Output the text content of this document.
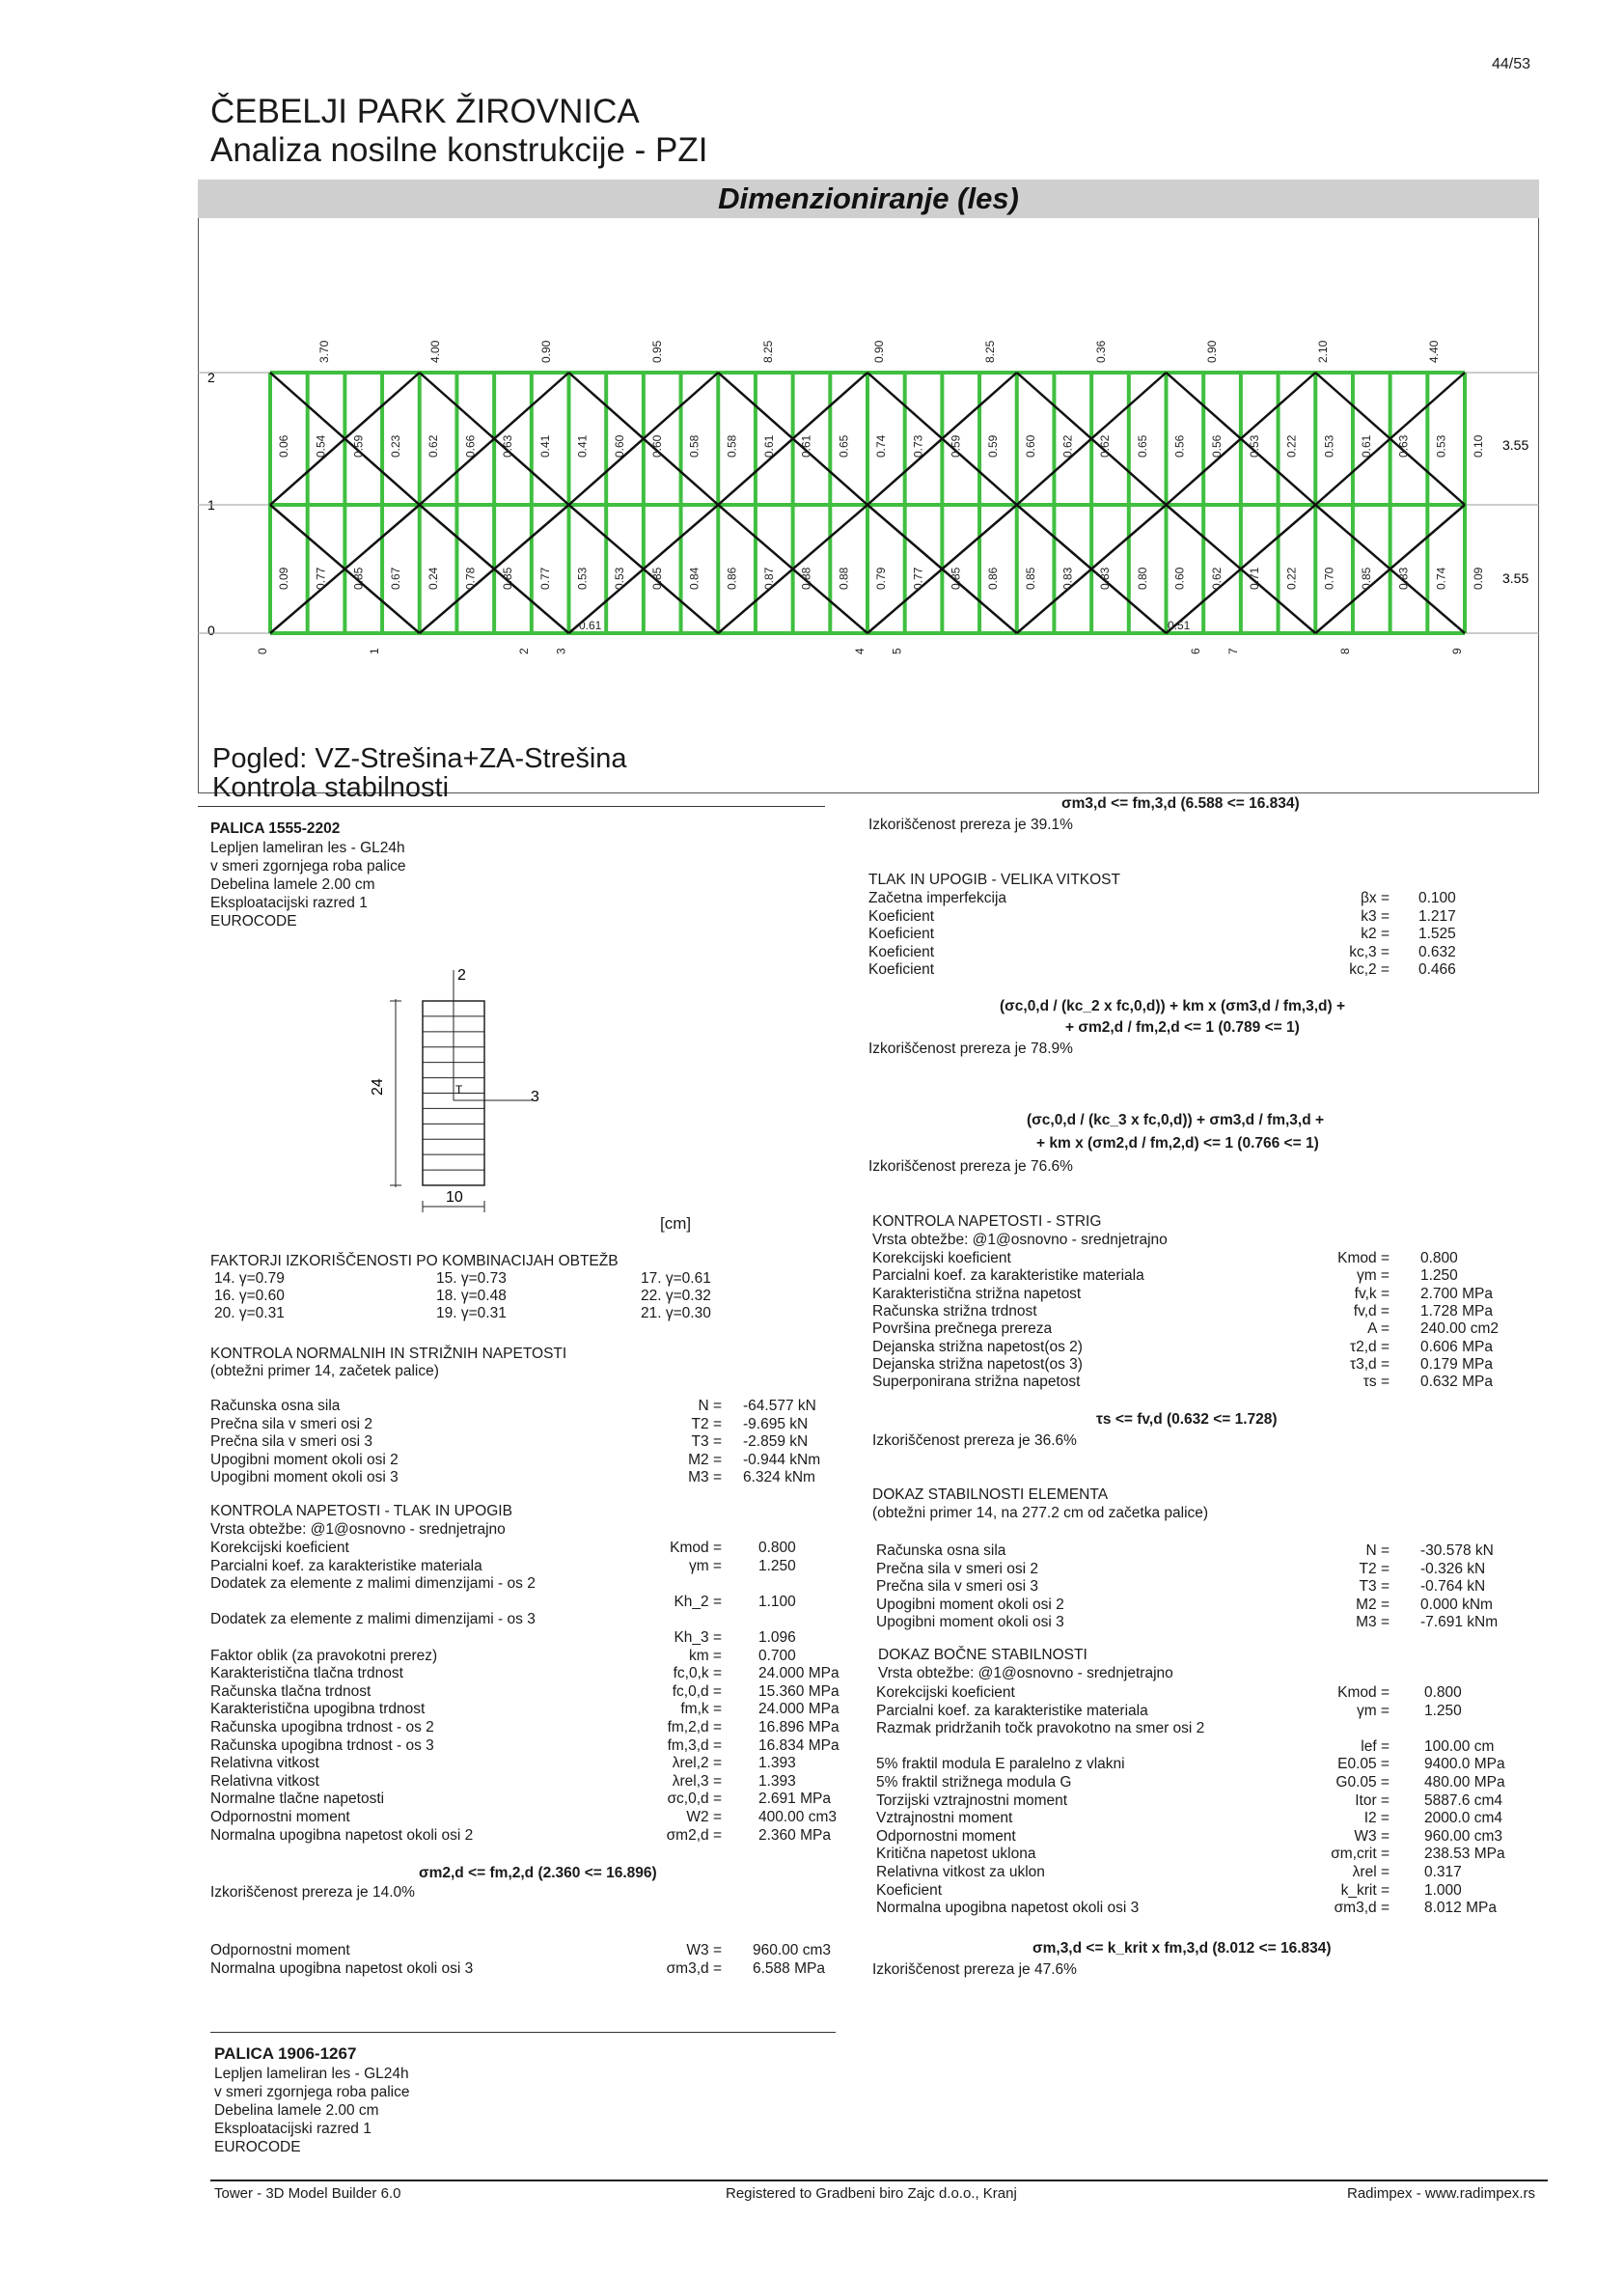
44/53
ČEBELJI PARK ŽIROVNICA
Analiza nosilne konstrukcije - PZI
Dimenzioniranje (les)
2
1
0
3.55
3.55
0.06
0.09
0.54
0.77
0.59
0.85
0.23
0.67
0.62
0.24
0.66
0.78
0.63
0.85
0.41
0.77
0.41
0.53
0.60
0.53
0.60
0.85
0.58
0.84
0.58
0.86
0.61
0.87
0.61
0.88
0.65
0.88
0.74
0.79
0.73
0.77
0.59
0.85
0.59
0.86
0.60
0.85
0.62
0.83
0.62
0.83
0.65
0.80
0.56
0.60
0.56
0.62
0.53
0.71
0.22
0.22
0.53
0.70
0.61
0.85
0.63
0.83
0.53
0.74
0.10
0.09
3.70	4.00	0.90	0.95	8.25	0.90	8.25	0.36	0.90	2.10	4.40
0.61	0.51
0	1	2 3	4 5	6 7	8	9
Pogled: VZ-Strešina+ZA-Strešina
Kontrola stabilnosti
PALICA 1555-2202
Lepljen lameliran les - GL24h
v smeri zgornjega roba palice
Debelina lamele 2.00 cm
Eksploatacijski razred 1
EUROCODE
24
2
3
T
10
[cm]
FAKTORJI IZKORIŠČENOSTI PO KOMBINACIJAH OBTEŽB
14. γ=0.79	15. γ=0.73	17. γ=0.61
16. γ=0.60	18. γ=0.48	22. γ=0.32
20. γ=0.31	19. γ=0.31	21. γ=0.30
KONTROLA NORMALNIH IN STRIŽNIH NAPETOSTI
(obtežni primer 14, začetek palice)
Računska osna sila	N = -64.577 kN
Prečna sila v smeri osi 2	T2 = -9.695 kN
Prečna sila v smeri osi 3	T3 = -2.859 kN
Upogibni moment okoli osi 2	M2 = -0.944 kNm
Upogibni moment okoli osi 3	M3 = 6.324 kNm
KONTROLA NAPETOSTI - TLAK IN UPOGIB
Vrsta obtežbe: @1@osnovno - srednjetrajno
Korekcijski koeficient	Kmod = 0.800
Parcialni koef. za karakteristike materiala	γm = 1.250
Dodatek za elemente z malimi dimenzijami - os 2
Kh_2 = 1.100
Dodatek za elemente z malimi dimenzijami - os 3
Kh_3 = 1.096
Faktor oblik (za pravokotni prerez)	km = 0.700
Karakteristična tlačna trdnost	fc,0,k = 24.000 MPa
Računska tlačna trdnost	fc,0,d = 15.360 MPa
Karakteristična upogibna trdnost	fm,k = 24.000 MPa
Računska upogibna trdnost - os 2	fm,2,d = 16.896 MPa
Računska upogibna trdnost - os 3	fm,3,d = 16.834 MPa
Relativna vitkost	λrel,2 = 1.393
Relativna vitkost	λrel,3 = 1.393
Normalne tlačne napetosti	σc,0,d = 2.691 MPa
Odpornostni moment	W2 = 400.00 cm3
Normalna upogibna napetost okoli osi 2	σm2,d = 2.360 MPa
σm2,d <= fm,2,d (2.360 <= 16.896)
Izkoriščenost prereza je 14.0%
Odpornostni moment	W3 = 960.00 cm3
Normalna upogibna napetost okoli osi 3	σm3,d = 6.588 MPa
σm3,d <= fm,3,d (6.588 <= 16.834)
Izkoriščenost prereza je 39.1%
TLAK IN UPOGIB - VELIKA VITKOST
Začetna imperfekcija	βx = 0.100
Koeficient	k3 = 1.217
Koeficient	k2 = 1.525
Koeficient	kc,3 = 0.632
Koeficient	kc,2 = 0.466
(σc,0,d / (kc_2 x fc,0,d)) + km x (σm3,d / fm,3,d) +
+ σm2,d / fm,2,d <= 1 (0.789 <= 1)
Izkoriščenost prereza je 78.9%
(σc,0,d / (kc_3 x fc,0,d)) + σm3,d / fm,3,d +
+ km x (σm2,d / fm,2,d) <= 1 (0.766 <= 1)
Izkoriščenost prereza je 76.6%
KONTROLA NAPETOSTI - STRIG
Vrsta obtežbe: @1@osnovno - srednjetrajno
Korekcijski koeficient	Kmod = 0.800
Parcialni koef. za karakteristike materiala	γm = 1.250
Karakteristična strižna napetost	fv,k = 2.700 MPa
Računska strižna trdnost	fv,d = 1.728 MPa
Površina prečnega prereza	A = 240.00 cm2
Dejanska strižna napetost(os 2)	τ2,d = 0.606 MPa
Dejanska strižna napetost(os 3)	τ3,d = 0.179 MPa
Superponirana strižna napetost	τs = 0.632 MPa
τs <= fv,d (0.632 <= 1.728)
Izkoriščenost prereza je 36.6%
DOKAZ STABILNOSTI ELEMENTA
(obtežni primer 14, na 277.2 cm od začetka palice)
Računska osna sila	N = -30.578 kN
Prečna sila v smeri osi 2	T2 = -0.326 kN
Prečna sila v smeri osi 3	T3 = -0.764 kN
Upogibni moment okoli osi 2	M2 = 0.000 kNm
Upogibni moment okoli osi 3	M3 = -7.691 kNm
DOKAZ BOČNE STABILNOSTI
Vrsta obtežbe: @1@osnovno - srednjetrajno
Korekcijski koeficient	Kmod = 0.800
Parcialni koef. za karakteristike materiala	γm = 1.250
Razmak pridržanih točk pravokotno na smer osi 2
lef = 100.00 cm
5% fraktil modula E paralelno z vlakni	E0.05 = 9400.0 MPa
5% fraktil strižnega modula G	G0.05 = 480.00 MPa
Torzijski vztrajnostni moment	Itor = 5887.6 cm4
Vztrajnostni moment	I2 = 2000.0 cm4
Odpornostni moment	W3 = 960.00 cm3
Kritična napetost uklona	σm,crit = 238.53 MPa
Relativna vitkost za uklon	λrel = 0.317
Koeficient	k_krit = 1.000
Normalna upogibna napetost okoli osi 3	σm3,d = 8.012 MPa
σm,3,d <= k_krit x fm,3,d (8.012 <= 16.834)
Izkoriščenost prereza je 47.6%
PALICA 1906-1267
Lepljen lameliran les - GL24h
v smeri zgornjega roba palice
Debelina lamele 2.00 cm
Eksploatacijski razred 1
EUROCODE
Tower - 3D Model Builder 6.0	Registered to Gradbeni biro Zajc d.o.o., Kranj	Radimpex - www.radimpex.rs
